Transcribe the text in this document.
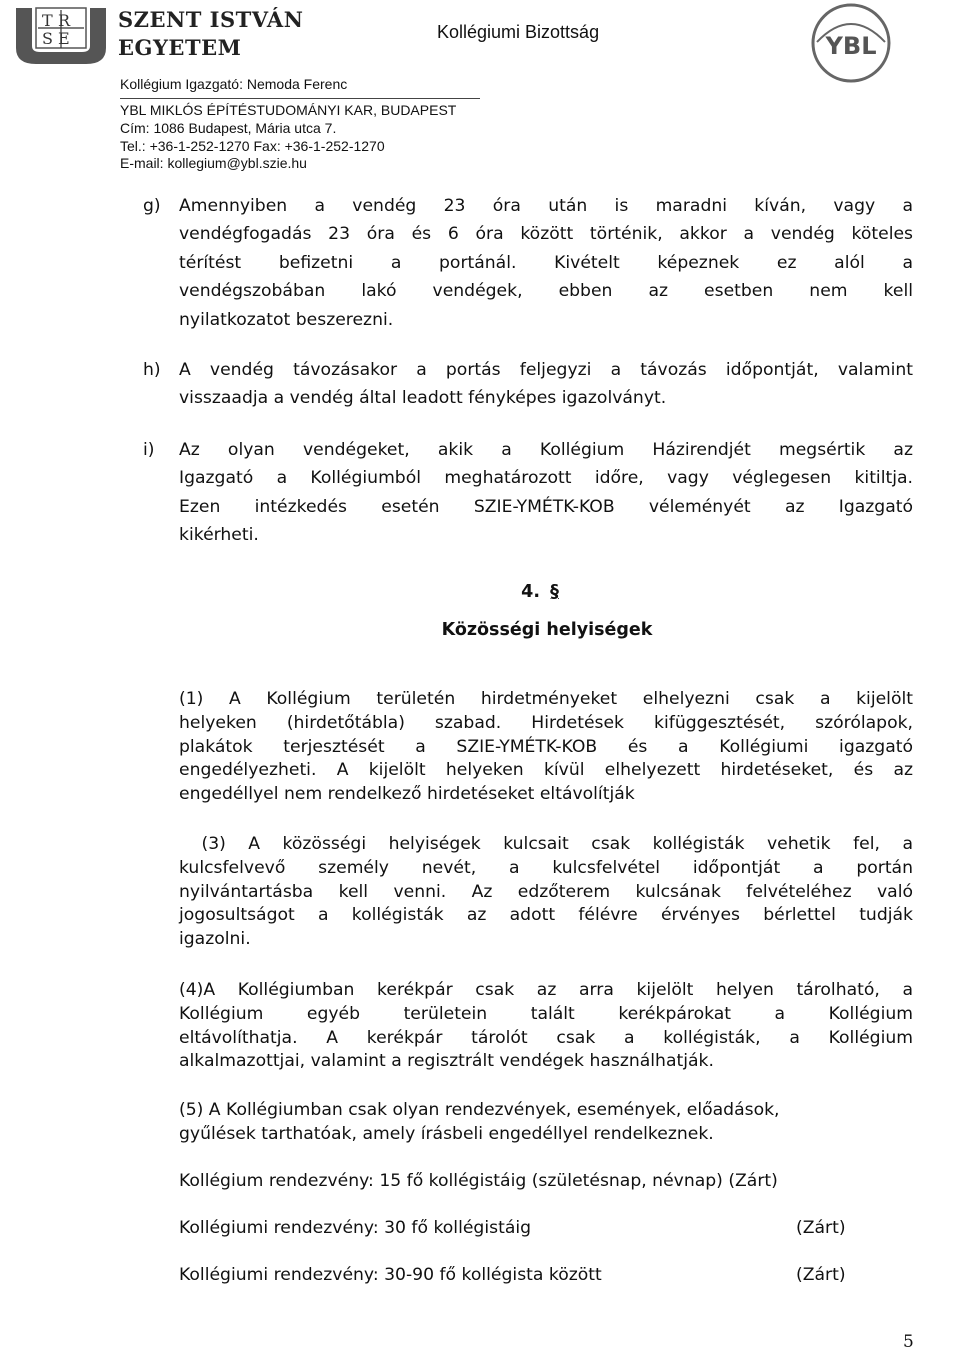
T R
S E
SZENT ISTVÁN
EGYETEM
Kollégiumi Bizottság	YBL
Kollégium Igazgató: Nemoda Ferenc
YBL MIKLÓS ÉPÍTÉSTUDOMÁNYI KAR, BUDAPEST
Cím: 1086 Budapest, Mária utca 7.
Tel.: +36-1-252-1270 Fax: +36-1-252-1270
E-mail: kollegium@ybl.szie.hu
g) Amennyiben a vendég 23 óra után is maradni kíván, vagy a
vendégfogadás 23 óra és 6 óra között történik, akkor a vendég köteles
térítést befizetni a portánál. Kivételt képeznek ez alól a
vendégszobában lakó vendégek, ebben az esetben nem kell
nyilatkozatot beszerezni.
h) A vendég távozásakor a portás feljegyzi a távozás időpontját, valamint
visszaadja a vendég által leadott fényképes igazolványt.
i) Az olyan vendégeket, akik a Kollégium Házirendjét megsértik az
Igazgató a Kollégiumból meghatározott időre, vagy véglegesen kitiltja.
Ezen intézkedés esetén SZIE-YMÉTK-KOB véleményét az Igazgató
kikérheti.
4. §
Közösségi helyiségek
(1) A Kollégium területén hirdetményeket elhelyezni csak a kijelölt
helyeken (hirdetőtábla) szabad. Hirdetések kifüggesztését, szórólapok,
plakátok terjesztését a SZIE-YMÉTK-KOB és a Kollégiumi igazgató
engedélyezheti. A kijelölt helyeken kívül elhelyezett hirdetéseket, és az
engedéllyel nem rendelkező hirdetéseket eltávolítják
(3) A közösségi helyiségek kulcsait csak kollégisták vehetik fel, a
kulcsfelvevő személy nevét, a kulcsfelvétel időpontját a portán
nyilvántartásba kell venni. Az edzőterem kulcsának felvételéhez való
jogosultságot a kollégisták az adott félévre érvényes bérlettel tudják
igazolni.
(4)A Kollégiumban kerékpár csak az arra kijelölt helyen tárolható, a
Kollégium egyéb területein talált kerékpárokat a Kollégium
eltávolíthatja. A kerékpár tárolót csak a kollégisták, a Kollégium
alkalmazottjai, valamint a regisztrált vendégek használhatják.
(5) A Kollégiumban csak olyan rendezvények, események, előadások,
gyűlések tarthatóak, amely írásbeli engedéllyel rendelkeznek.
Kollégium rendezvény: 15 fő kollégistáig (születésnap, névnap) (Zárt)
Kollégiumi rendezvény: 30 fő kollégistáig	(Zárt)
Kollégiumi rendezvény: 30-90 fő kollégista között	(Zárt)
5
